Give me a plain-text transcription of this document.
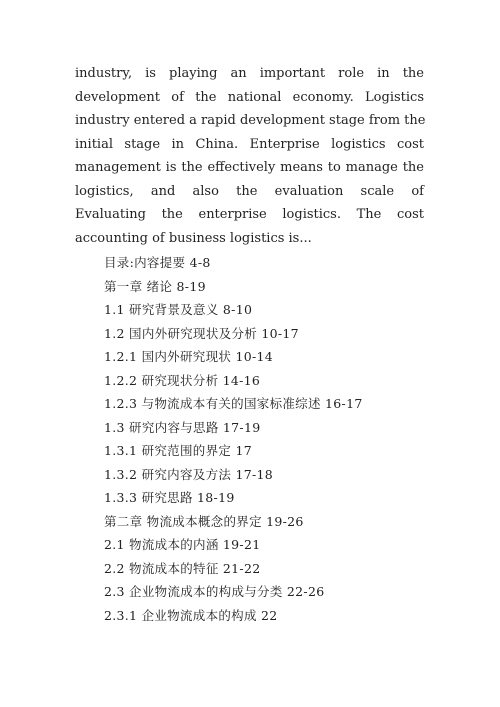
industry, is playing an important role in the
development of the national economy. Logistics
industry entered a rapid development stage from the
initial stage in China. Enterprise logistics cost
management is the effectively means to manage the
logistics, and also the evaluation scale of
Evaluating the enterprise logistics. The cost
accounting of business logistics is...
目录:内容提要 4-8
第一章 绪论 8-19
1.1 研究背景及意义 8-10
1.2 国内外研究现状及分析 10-17
1.2.1 国内外研究现状 10-14
1.2.2 研究现状分析 14-16
1.2.3 与物流成本有关的国家标准综述 16-17
1.3 研究内容与思路 17-19
1.3.1 研究范围的界定 17
1.3.2 研究内容及方法 17-18
1.3.3 研究思路 18-19
第二章 物流成本概念的界定 19-26
2.1 物流成本的内涵 19-21
2.2 物流成本的特征 21-22
2.3 企业物流成本的构成与分类 22-26
2.3.1 企业物流成本的构成 22
